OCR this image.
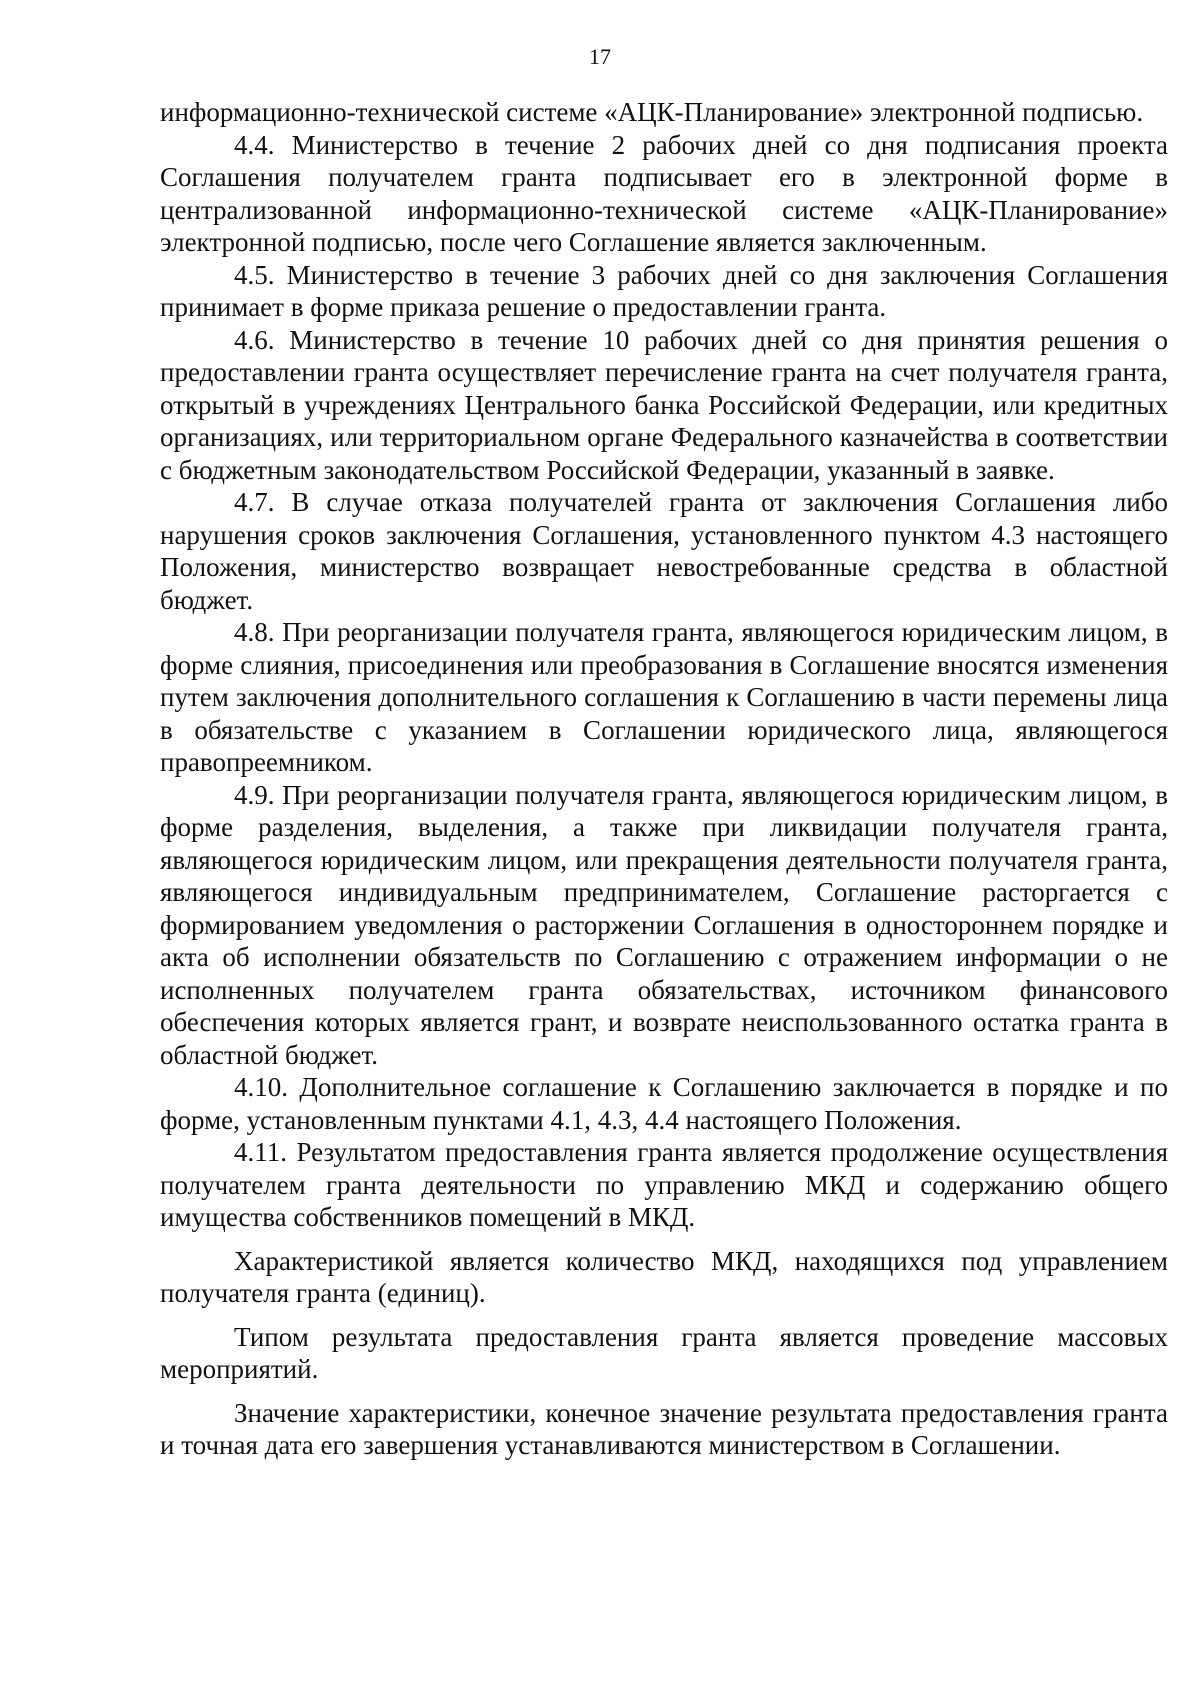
17

информационно-технической системе «АЦК-Планирование» электронной подписью.

4.4. Министерство в течение 2 рабочих дней со дня подписания проекта Соглашения получателем гранта подписывает его в электронной форме в централизованной информационно-технической системе «АЦК-Планирование» электронной подписью, после чего Соглашение является заключенным.

4.5. Министерство в течение 3 рабочих дней со дня заключения Соглашения принимает в форме приказа решение о предоставлении гранта.

4.6. Министерство в течение 10 рабочих дней со дня принятия решения о предоставлении гранта осуществляет перечисление гранта на счет получателя гранта, открытый в учреждениях Центрального банка Российской Федерации, или кредитных организациях, или территориальном органе Федерального казначейства в соответствии с бюджетным законодательством Российской Федерации, указанный в заявке.

4.7. В случае отказа получателей гранта от заключения Соглашения либо нарушения сроков заключения Соглашения, установленного пунктом 4.3 настоящего Положения, министерство возвращает невостребованные средства в областной бюджет.

4.8. При реорганизации получателя гранта, являющегося юридическим лицом, в форме слияния, присоединения или преобразования в Соглашение вносятся изменения путем заключения дополнительного соглашения к Соглашению в части перемены лица в обязательстве с указанием в Соглашении юридического лица, являющегося правопреемником.

4.9. При реорганизации получателя гранта, являющегося юридическим лицом, в форме разделения, выделения, а также при ликвидации получателя гранта, являющегося юридическим лицом, или прекращения деятельности получателя гранта, являющегося индивидуальным предпринимателем, Соглашение расторгается с формированием уведомления о расторжении Соглашения в одностороннем порядке и акта об исполнении обязательств по Соглашению с отражением информации о не исполненных получателем гранта обязательствах, источником финансового обеспечения которых является грант, и возврате неиспользованного остатка гранта в областной бюджет.

4.10. Дополнительное соглашение к Соглашению заключается в порядке и по форме, установленным пунктами 4.1, 4.3, 4.4 настоящего Положения.

4.11. Результатом предоставления гранта является продолжение осуществления получателем гранта деятельности по управлению МКД и содержанию общего имущества собственников помещений в МКД.

Характеристикой является количество МКД, находящихся под управлением получателя гранта (единиц).

Типом результата предоставления гранта является проведение массовых мероприятий.

Значение характеристики, конечное значение результата предоставления гранта и точная дата его завершения устанавливаются министерством в Соглашении.
